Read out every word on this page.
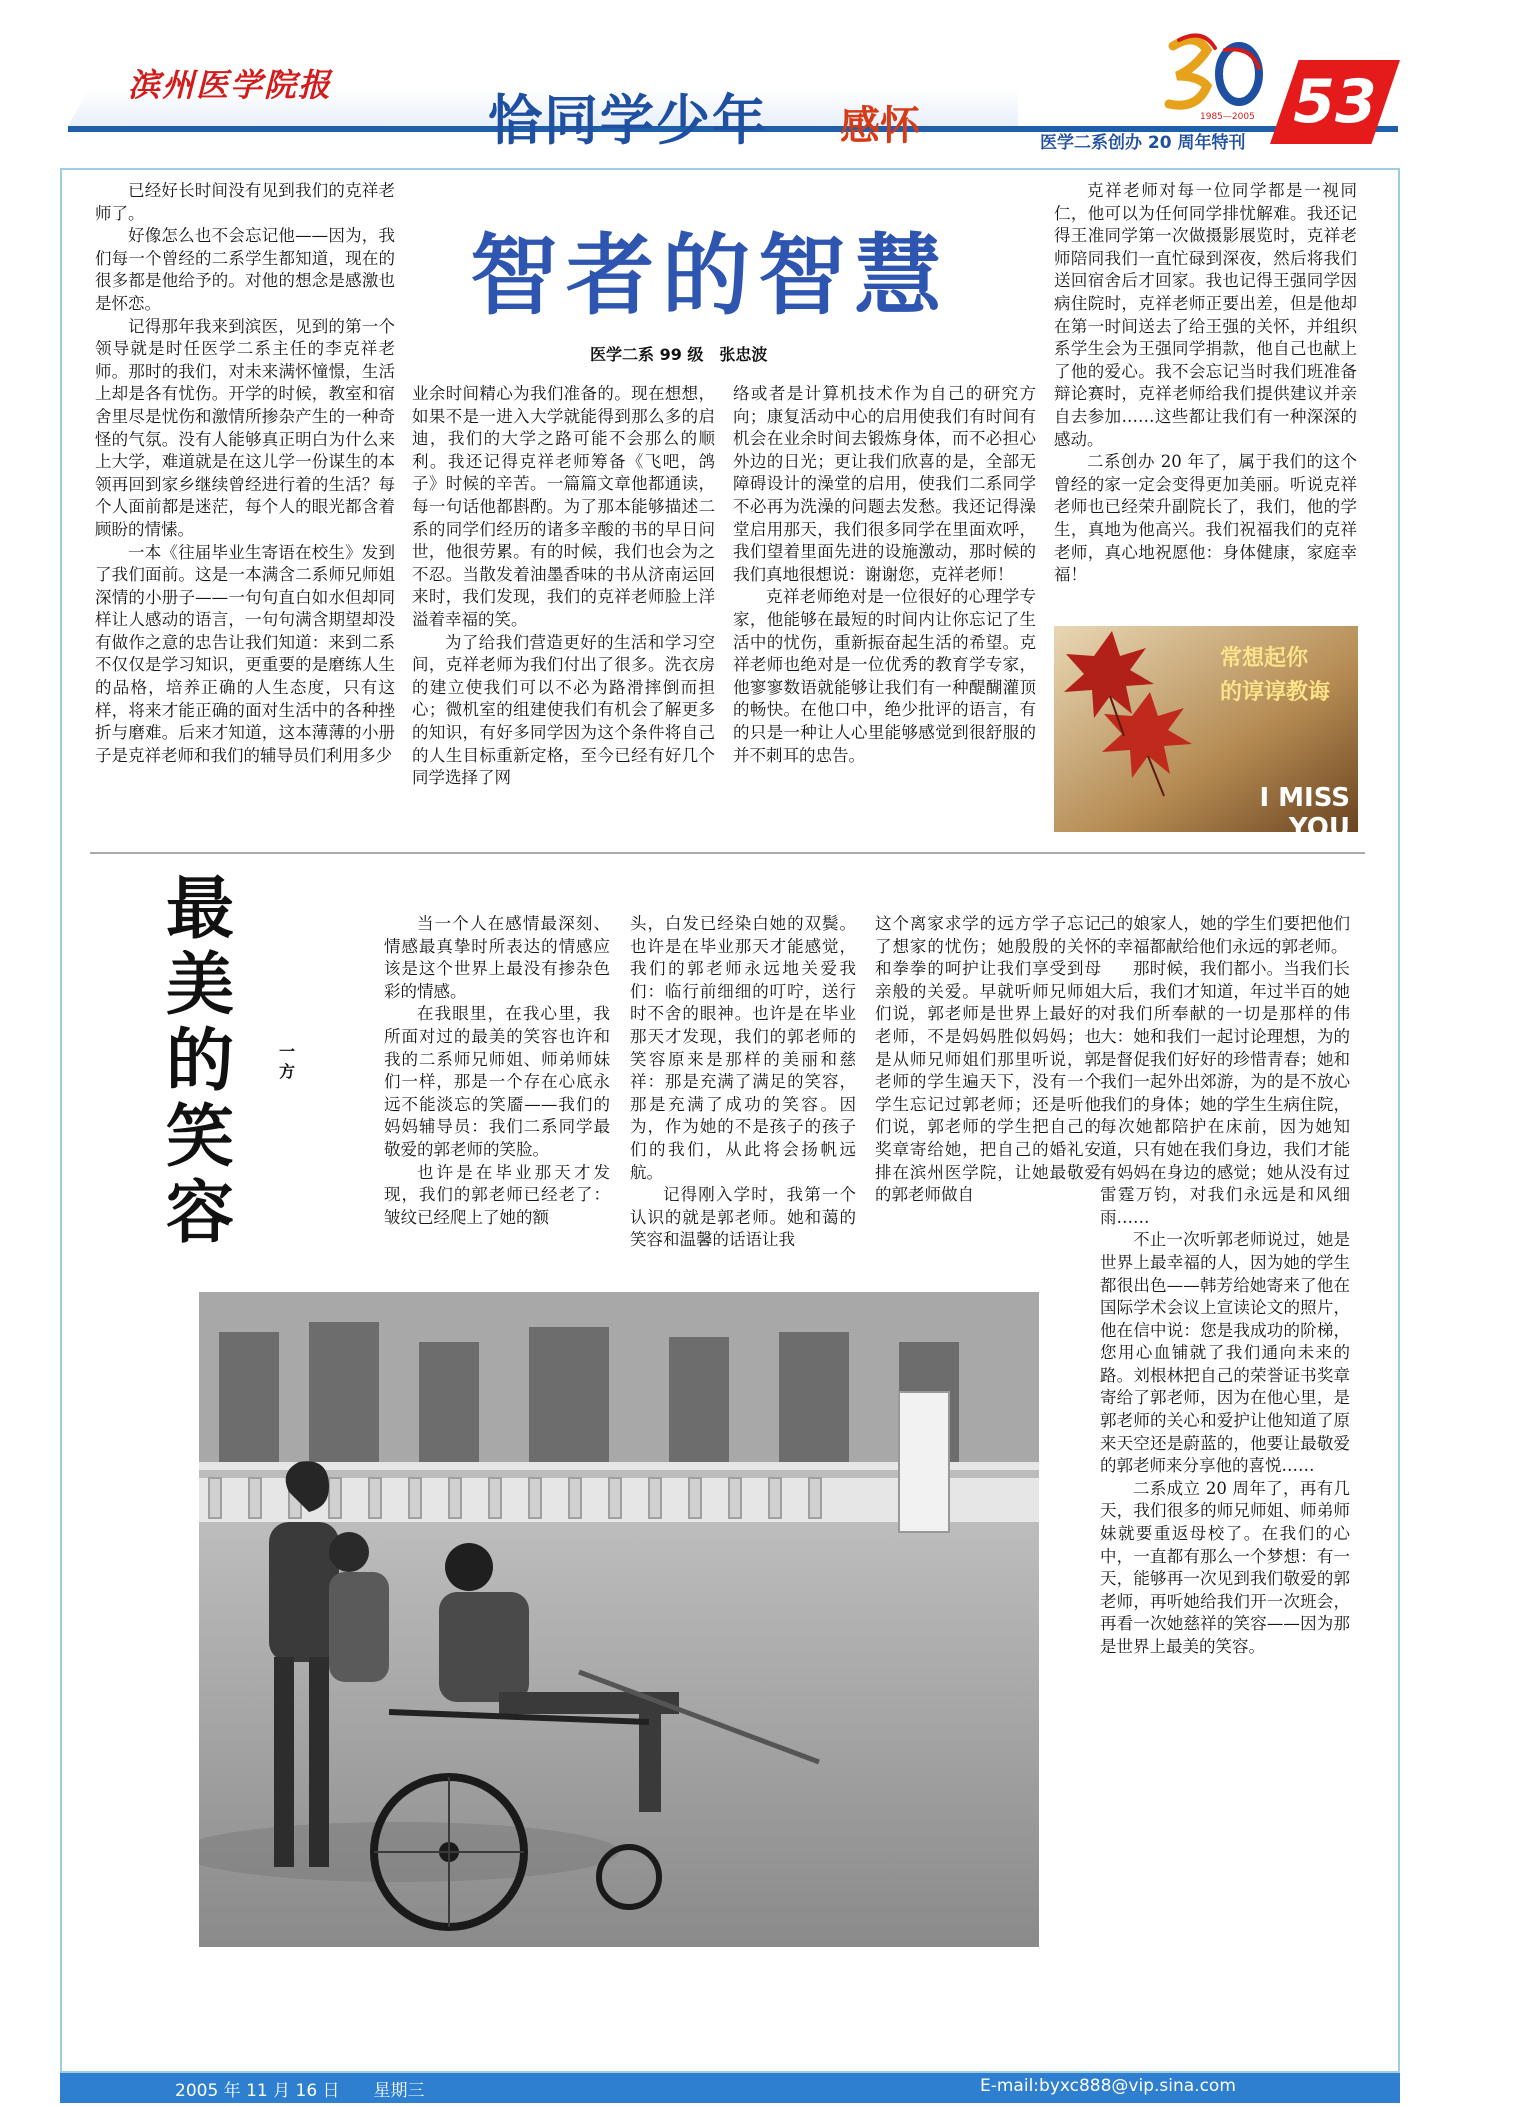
滨州医学院报
恰同学少年	感怀	1985—2005
医学二系创办 20 周年特刊
53
智者的智慧
医学二系 99 级　张忠波

已经好长时间没有见到我们的克祥老师了。

好像怎么也不会忘记他——因为，我们每一个曾经的二系学生都知道，现在的很多都是他给予的。对他的想念是感激也是怀恋。

记得那年我来到滨医，见到的第一个领导就是时任医学二系主任的李克祥老师。那时的我们，对未来满怀憧憬，生活上却是各有忧伤。开学的时候，教室和宿舍里尽是忧伤和激情所掺杂产生的一种奇怪的气氛。没有人能够真正明白为什么来上大学，难道就是在这儿学一份谋生的本领再回到家乡继续曾经进行着的生活？每个人面前都是迷茫，每个人的眼光都含着顾盼的情愫。

一本《往届毕业生寄语在校生》发到了我们面前。这是一本满含二系师兄师姐深情的小册子——一句句直白如水但却同样让人感动的语言，一句句满含期望却没有做作之意的忠告让我们知道：来到二系不仅仅是学习知识，更重要的是磨练人生的品格，培养正确的人生态度，只有这样，将来才能正确的面对生活中的各种挫折与磨难。后来才知道，这本薄薄的小册子是克祥老师和我们的辅导员们利用多少

业余时间精心为我们准备的。现在想想，如果不是一进入大学就能得到那么多的启迪，我们的大学之路可能不会那么的顺利。我还记得克祥老师筹备《飞吧，鸽子》时候的辛苦。一篇篇文章他都通读，每一句话他都斟酌。为了那本能够描述二系的同学们经历的诸多辛酸的书的早日问世，他很劳累。有的时候，我们也会为之不忍。当散发着油墨香味的书从济南运回来时，我们发现，我们的克祥老师脸上洋溢着幸福的笑。

为了给我们营造更好的生活和学习空间，克祥老师为我们付出了很多。洗衣房的建立使我们可以不必为路滑摔倒而担心；微机室的组建使我们有机会了解更多的知识，有好多同学因为这个条件将自己的人生目标重新定格，至今已经有好几个同学选择了网

络或者是计算机技术作为自己的研究方向；康复活动中心的启用使我们有时间有机会在业余时间去锻炼身体，而不必担心外边的日光；更让我们欣喜的是，全部无障碍设计的澡堂的启用，使我们二系同学不必再为洗澡的问题去发愁。我还记得澡堂启用那天，我们很多同学在里面欢呼，我们望着里面先进的设施激动，那时候的我们真地很想说：谢谢您，克祥老师！

克祥老师绝对是一位很好的心理学专家，他能够在最短的时间内让你忘记了生活中的忧伤，重新振奋起生活的希望。克祥老师也绝对是一位优秀的教育学专家，他寥寥数语就能够让我们有一种醍醐灌顶的畅快。在他口中，绝少批评的语言，有的只是一种让人心里能够感觉到很舒服的并不刺耳的忠告。

克祥老师对每一位同学都是一视同仁，他可以为任何同学排忧解难。我还记得王准同学第一次做摄影展览时，克祥老师陪同我们一直忙碌到深夜，然后将我们送回宿舍后才回家。我也记得王强同学因病住院时，克祥老师正要出差，但是他却在第一时间送去了给王强的关怀，并组织系学生会为王强同学捐款，他自己也献上了他的爱心。我不会忘记当时我们班准备辩论赛时，克祥老师给我们提供建议并亲自去参加……这些都让我们有一种深深的感动。

二系创办 20 年了，属于我们的这个曾经的家一定会变得更加美丽。听说克祥老师也已经荣升副院长了，我们，他的学生，真地为他高兴。我们祝福我们的克祥老师，真心地祝愿他：身体健康，家庭幸福！

常想起你
的谆谆教诲
I MISS YOU
最
美
的
笑
容
一方

当一个人在感情最深刻、情感最真挚时所表达的情感应该是这个世界上最没有掺杂色彩的情感。

在我眼里，在我心里，我所面对过的最美的笑容也许和我的二系师兄师姐、师弟师妹们一样，那是一个存在心底永远不能淡忘的笑靥——我们的妈妈辅导员：我们二系同学最敬爱的郭老师的笑脸。

也许是在毕业那天才发现，我们的郭老师已经老了：皱纹已经爬上了她的额

头，白发已经染白她的双鬓。也许是在毕业那天才能感觉，我们的郭老师永远地关爱我们：临行前细细的叮咛，送行时不舍的眼神。也许是在毕业那天才发现，我们的郭老师的笑容原来是那样的美丽和慈祥：那是充满了满足的笑容，那是充满了成功的笑容。因为，作为她的不是孩子的孩子们的我们，从此将会扬帆远航。

记得刚入学时，我第一个认识的就是郭老师。她和蔼的笑容和温馨的话语让我

这个离家求学的远方学子忘记了想家的忧伤；她殷殷的关怀和拳拳的呵护让我们享受到母亲般的关爱。早就听师兄师姐们说，郭老师是世界上最好的老师，不是妈妈胜似妈妈；也是从师兄师姐们那里听说，郭老师的学生遍天下，没有一个学生忘记过郭老师；还是听他们说，郭老师的学生把自己的奖章寄给她，把自己的婚礼安排在滨州医学院，让她最敬爱的郭老师做自

己的娘家人，她的学生们要把他们的幸福都献给他们永远的郭老师。

那时候，我们都小。当我们长大后，我们才知道，年过半百的她对我们所奉献的一切是那样的伟大：她和我们一起讨论理想，为的是督促我们好好的珍惜青春；她和我们一起外出郊游，为的是不放心我们的身体；她的学生生病住院，每次她都陪护在床前，因为她知道，只有她在我们身边，我们才能有妈妈在身边的感觉；她从没有过雷霆万钧，对我们永远是和风细雨……

不止一次听郭老师说过，她是世界上最幸福的人，因为她的学生都很出色——韩芳给她寄来了他在国际学术会议上宣读论文的照片，他在信中说：您是我成功的阶梯，您用心血铺就了我们通向未来的路。刘根林把自己的荣誉证书奖章寄给了郭老师，因为在他心里，是郭老师的关心和爱护让他知道了原来天空还是蔚蓝的，他要让最敬爱的郭老师来分享他的喜悦……

二系成立 20 周年了，再有几天，我们很多的师兄师姐、师弟师妹就要重返母校了。在我们的心中，一直都有那么一个梦想：有一天，能够再一次见到我们敬爱的郭老师，再听她给我们开一次班会，再看一次她慈祥的笑容——因为那是世界上最美的笑容。

2005 年 11 月 16 日　　星期三	E-mail:byxc888@vip.sina.com
